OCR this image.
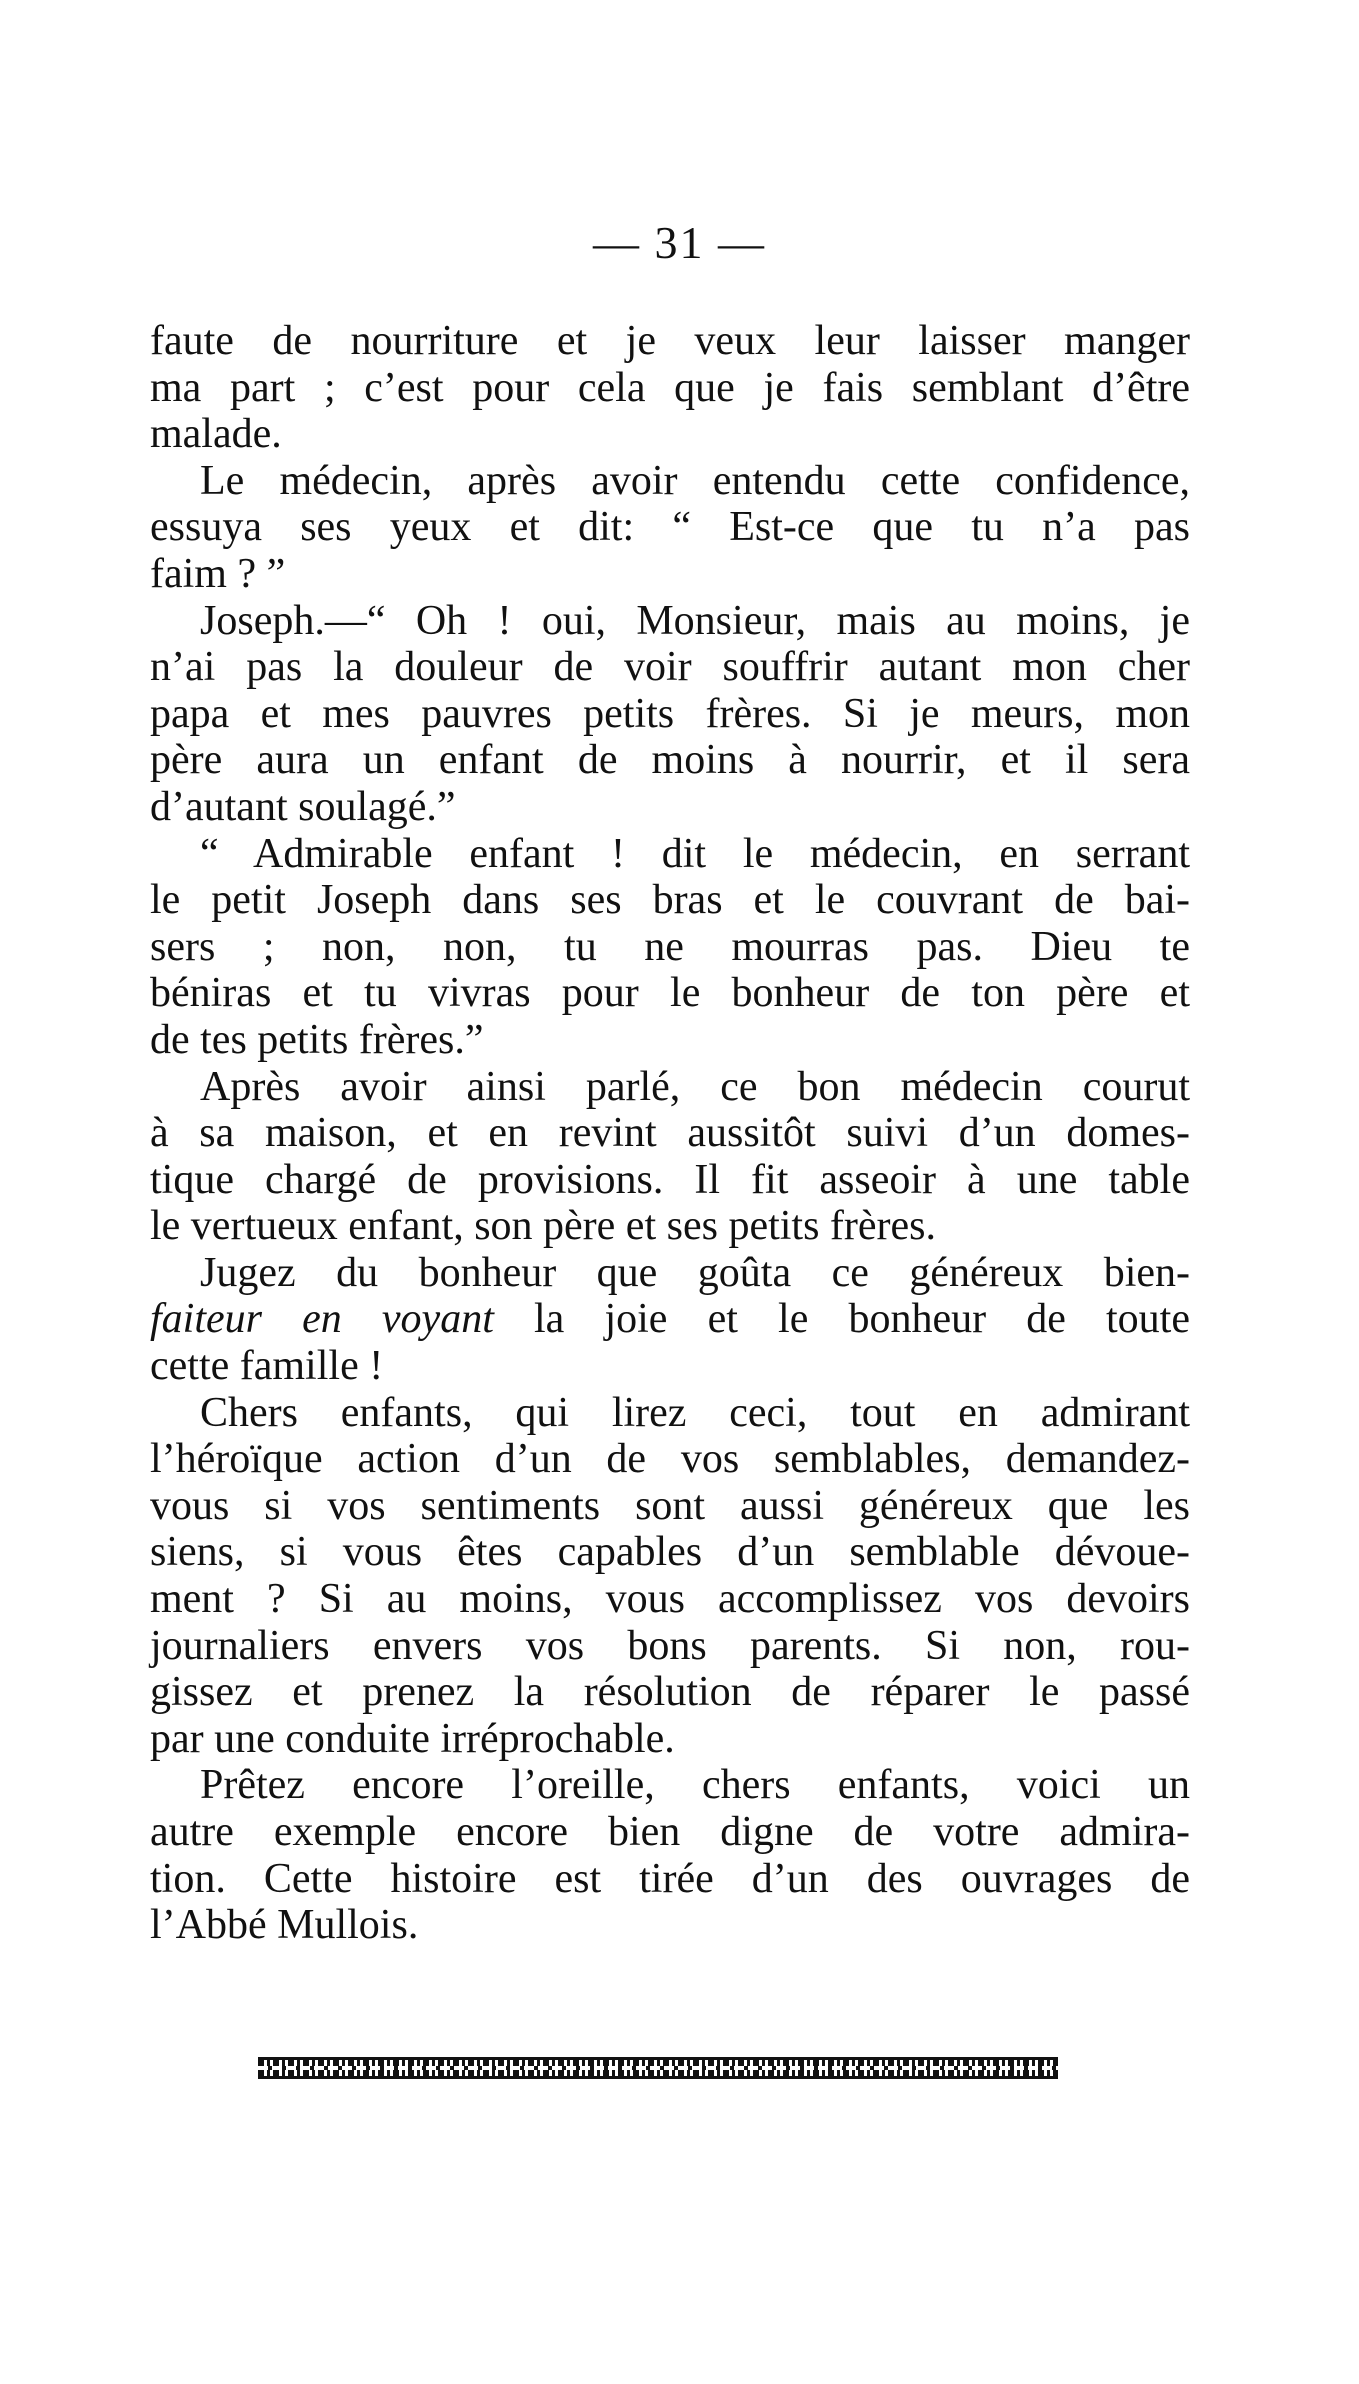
— 31 —
faute de nourriture et je veux leur laisser manger
ma part ; c’est pour cela que je fais semblant d’être
malade.
Le médecin, après avoir entendu cette confidence,
essuya ses yeux et dit: “ Est-ce que tu n’a pas
faim ? ”
Joseph.—“ Oh ! oui, Monsieur, mais au moins, je
n’ai pas la douleur de voir souffrir autant mon cher
papa et mes pauvres petits frères. Si je meurs, mon
père aura un enfant de moins à nourrir, et il sera
d’autant soulagé.”
“ Admirable enfant ! dit le médecin, en serrant
le petit Joseph dans ses bras et le couvrant de bai-
sers ; non, non, tu ne mourras pas. Dieu te
béniras et tu vivras pour le bonheur de ton père et
de tes petits frères.”
Après avoir ainsi parlé, ce bon médecin courut
à sa maison, et en revint aussitôt suivi d’un domes-
tique chargé de provisions. Il fit asseoir à une table
le vertueux enfant, son père et ses petits frères.
Jugez du bonheur que goûta ce généreux bien-
faiteur en voyant la joie et le bonheur de toute
cette famille !
Chers enfants, qui lirez ceci, tout en admirant
l’héroïque action d’un de vos semblables, demandez-
vous si vos sentiments sont aussi généreux que les
siens, si vous êtes capables d’un semblable dévoue-
ment ? Si au moins, vous accomplissez vos devoirs
journaliers envers vos bons parents. Si non, rou-
gissez et prenez la résolution de réparer le passé
par une conduite irréprochable.
Prêtez encore l’oreille, chers enfants, voici un
autre exemple encore bien digne de votre admira-
tion. Cette histoire est tirée d’un des ouvrages de
l’Abbé Mullois.
